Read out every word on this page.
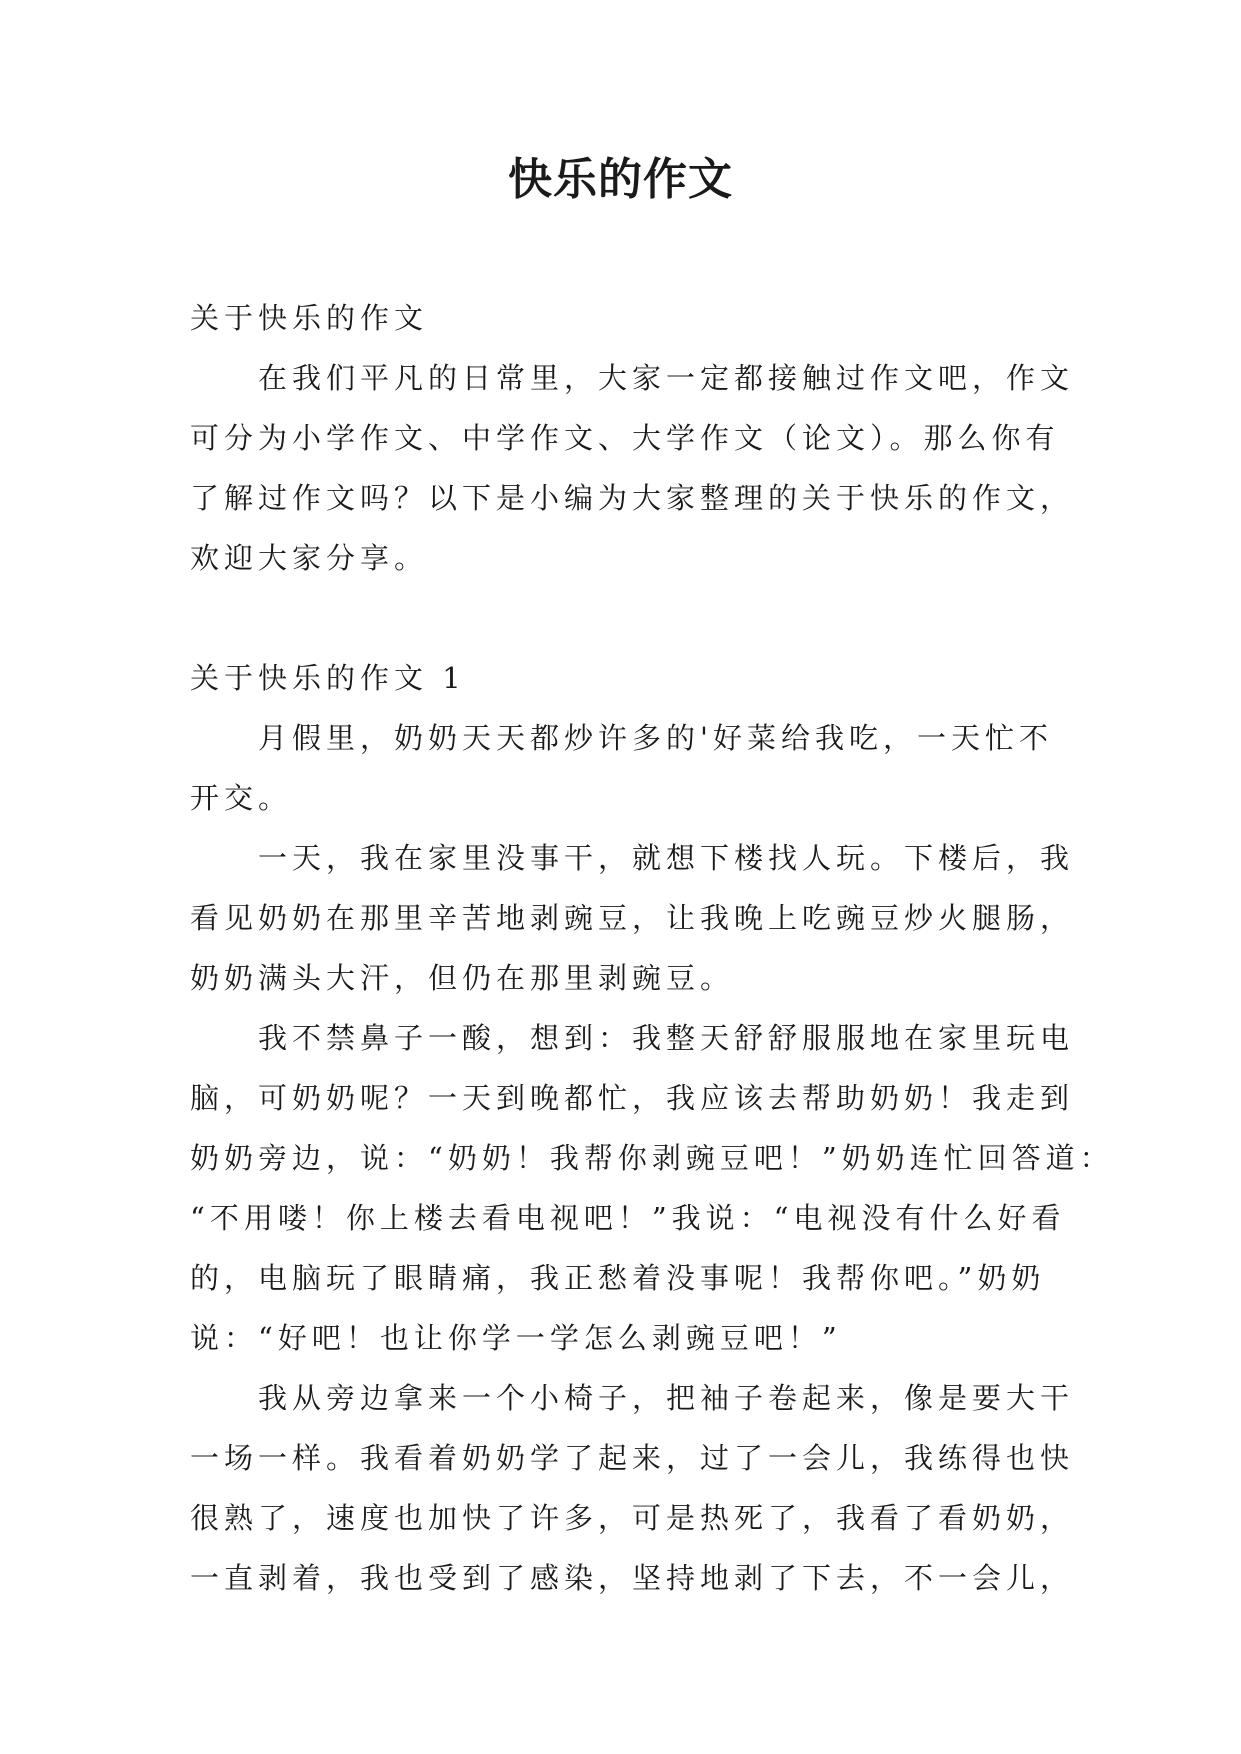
快乐的作文

关于快乐的作文

在我们平凡的日常里，大家一定都接触过作文吧，作文

可分为小学作文、中学作文、大学作文（论文）。那么你有

了解过作文吗？以下是小编为大家整理的关于快乐的作文，

欢迎大家分享。

关于快乐的作文 1

月假里，奶奶天天都炒许多的'好菜给我吃，一天忙不

开交。

一天，我在家里没事干，就想下楼找人玩。下楼后，我

看见奶奶在那里辛苦地剥豌豆，让我晚上吃豌豆炒火腿肠，

奶奶满头大汗，但仍在那里剥豌豆。

我不禁鼻子一酸，想到：我整天舒舒服服地在家里玩电

脑，可奶奶呢？一天到晚都忙，我应该去帮助奶奶！我走到

奶奶旁边，说：“奶奶！我帮你剥豌豆吧！”奶奶连忙回答道：

“不用喽！你上楼去看电视吧！”我说：“电视没有什么好看

的，电脑玩了眼睛痛，我正愁着没事呢！我帮你吧。”奶奶

说：“好吧！也让你学一学怎么剥豌豆吧！”

我从旁边拿来一个小椅子，把袖子卷起来，像是要大干

一场一样。我看着奶奶学了起来，过了一会儿，我练得也快

很熟了，速度也加快了许多，可是热死了，我看了看奶奶，

一直剥着，我也受到了感染，坚持地剥了下去，不一会儿，
